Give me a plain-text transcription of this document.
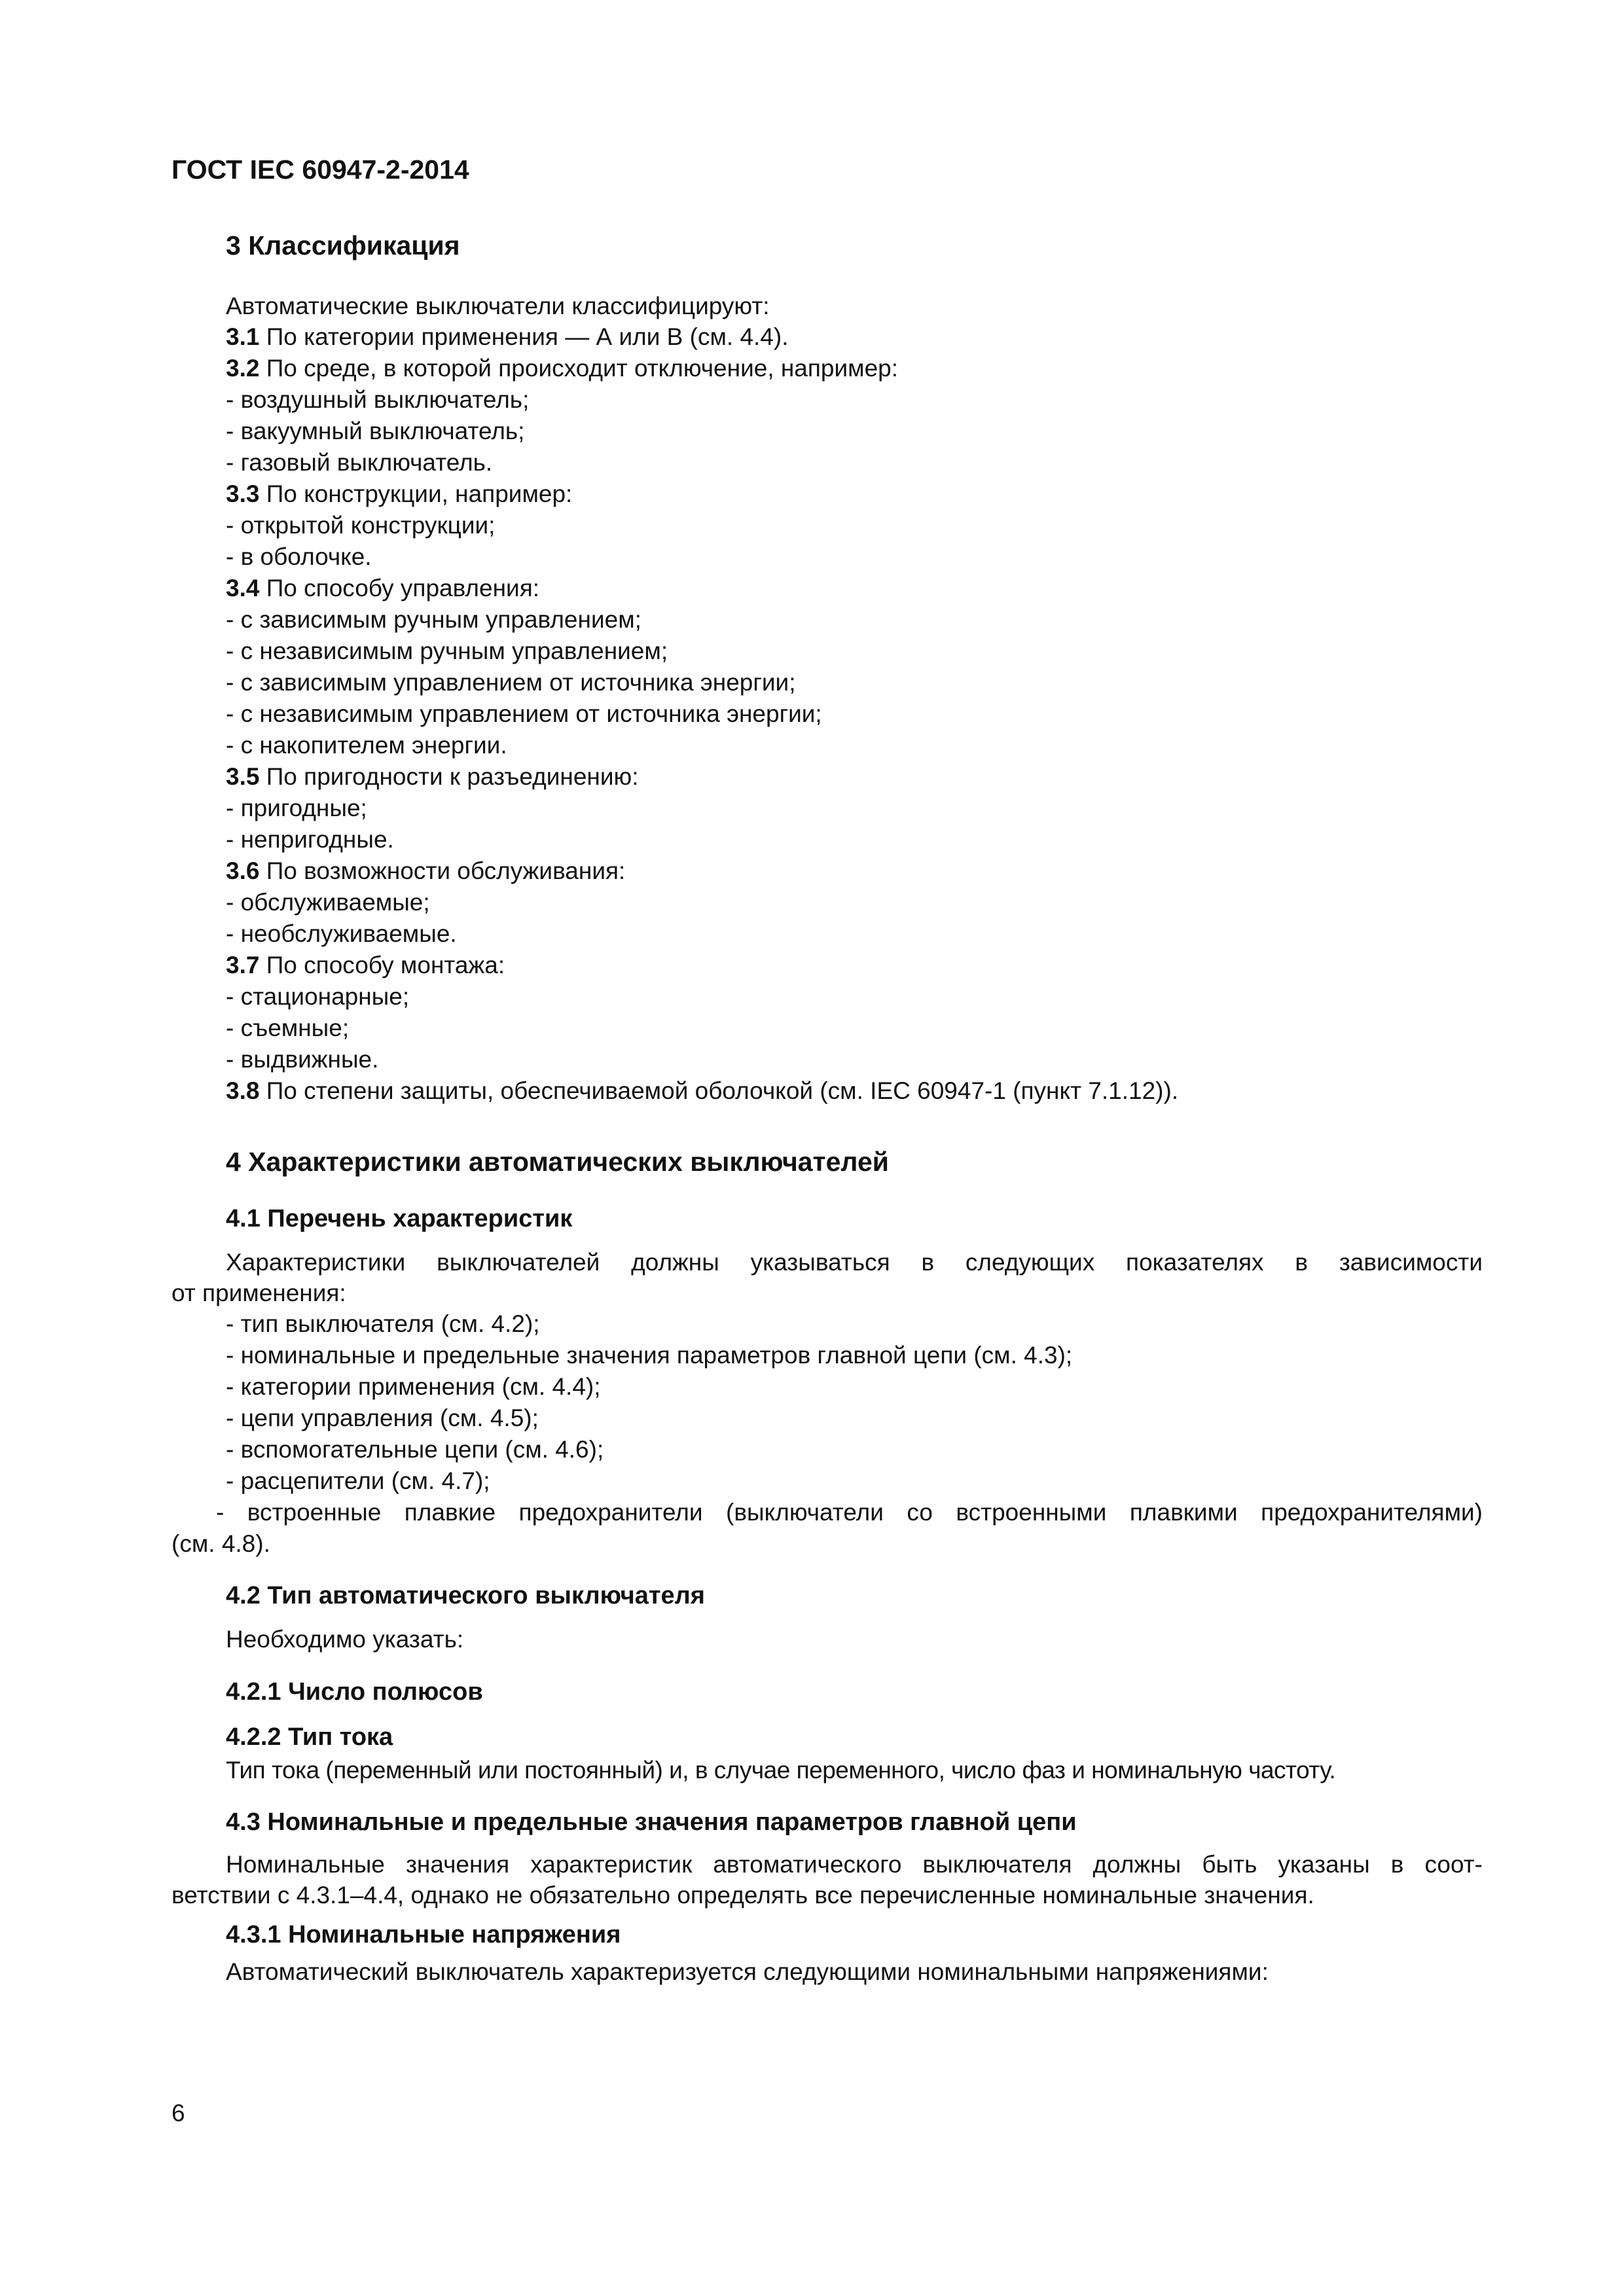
ГОСТ IEC 60947-2-2014
3 Классификация
Автоматические выключатели классифицируют:
3.1 По категории применения — А или В (см. 4.4).
3.2 По среде, в которой происходит отключение, например:
- воздушный выключатель;
- вакуумный выключатель;
- газовый выключатель.
3.3 По конструкции, например:
- открытой конструкции;
- в оболочке.
3.4 По способу управления:
- с зависимым ручным управлением;
- с независимым ручным управлением;
- с зависимым управлением от источника энергии;
- с независимым управлением от источника энергии;
- с накопителем энергии.
3.5 По пригодности к разъединению:
- пригодные;
- непригодные.
3.6 По возможности обслуживания:
- обслуживаемые;
- необслуживаемые.
3.7 По способу монтажа:
- стационарные;
- съемные;
- выдвижные.
3.8 По степени защиты, обеспечиваемой оболочкой (см. IEC 60947-1 (пункт 7.1.12)).
4 Характеристики автоматических выключателей
4.1 Перечень характеристик
Характеристики выключателей должны указываться в следующих показателях в зависимости
от применения:
- тип выключателя (см. 4.2);
- номинальные и предельные значения параметров главной цепи (см. 4.3);
- категории применения (см. 4.4);
- цепи управления (см. 4.5);
- вспомогательные цепи (см. 4.6);
- расцепители (см. 4.7);
- встроенные плавкие предохранители (выключатели со встроенными плавкими предохранителями)
(см. 4.8).
4.2 Тип автоматического выключателя
Необходимо указать:
4.2.1 Число полюсов
4.2.2 Тип тока
Тип тока (переменный или постоянный) и, в случае переменного, число фаз и номинальную частоту.
4.3 Номинальные и предельные значения параметров главной цепи
Номинальные значения характеристик автоматического выключателя должны быть указаны в соот-
ветствии с 4.3.1–4.4, однако не обязательно определять все перечисленные номинальные значения.
4.3.1 Номинальные напряжения
Автоматический выключатель характеризуется следующими номинальными напряжениями:
6
